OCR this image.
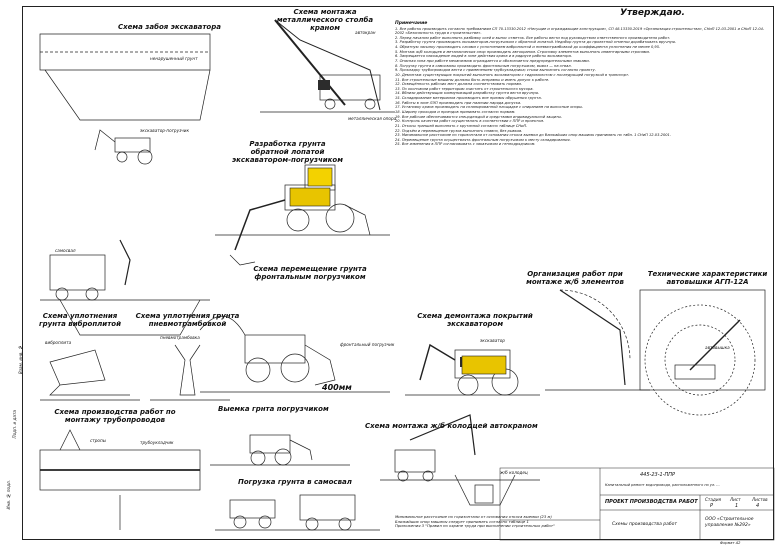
Инв. № подл.
Подп. и дата
Взам. инв. №
Утверждаю.
Схема забоя экскаватора
Схема монтажа металлического столба краном
Разработка грунта обратной лопатой экскаватором-погрузчиком
Схема перемещение грунта фронтальным погрузчиком
Схема уплотнения грунта виброплитой
Схема уплотнения грунта пневмотрамбовкой
Схема демонтажа покрытий экскаватором
Организация работ при монтаже ж/б элементов
Технические характеристики автовышки АГП-12А
Схема производства работ по монтажу трубопроводов
Выемка грнта погрузчиком
Погрузка грунта в самосвал
Схема монтажа ж/б колодцей автокраном
экскаватор-погрузчик
ненарушенный грунт
автокран
металлическая опора
самосвал
фронтальный погрузчик
виброплита
пневмотрамбовка
трубоукладчик
стропы
ж/б колодец
400мм
экскаватор
автовышка

Примечание

1. Все работы производить согласно требованиям СП 70.13330.2012 «Несущие и ограждающие конструкции», СП 48.13330.2019 «Организация строительства», СНиП 12-03-2001 и СНиП 12-04-2002 «Безопасность труда в строительстве».

2. Перед началом работ выполнить разбивку осей и вынос отметок. Все работы вести под руководством ответственного производителя работ.

3. Разработку грунта производить экскаватором-погрузчиком с обратной лопатой. Недобор грунта до проектной отметки дорабатывать вручную.

4. Обратную засыпку производить слоями с уплотнением виброплитой и пневмотрамбовкой до коэффициента уплотнения не менее 0,95.

5. Монтаж ж/б колодцев и металлических опор производить автокраном. Строповку элементов выполнять инвентарными стропами.

6. Запрещается нахождение людей в зоне действия крана и в радиусе работы экскаватора.

7. Опасная зона при работе механизмов ограждается и обозначается предупредительными знаками.

8. Погрузку грунта в самосвалы производить фронтальным погрузчиком, вывоз — на отвал.

9. Прокладку трубопроводов вести с применением трубоукладчика; стыки выполнять согласно проекту.

10. Демонтаж существующих покрытий выполнять экскаватором с гидромолотом с последующей погрузкой в транспорт.

11. Все строительные машины должны быть исправны и иметь допуск к работе.

12. Освещённость рабочих мест должна соответствовать нормам.

13. По окончании работ территорию очистить от строительного мусора.

14. Вблизи действующих коммуникаций разработку грунта вести вручную.

15. Складирование материалов производить вне призмы обрушения грунта.

16. Работы в зоне ЛЭП производить при наличии наряда-допуска.

17. Установку крана производить на спланированной площадке с опиранием на выносные опоры.

18. Ширину проходов и проездов принимать согласно нормам.

19. Все рабочие обеспечиваются спецодеждой и средствами индивидуальной защиты.

20. Контроль качества работ осуществлять в соответствии с ППР и проектом.

21. Откосы траншей выполнять с крутизной согласно таблице СНиП.

22. Подъём и перемещение грузов выполнять плавно, без рывков.

23. Минимальное расстояние по горизонтали от основания откоса выемки до ближайших опор машины принимать по табл. 1 СНиП 12-03-2001.

24. Перемещение грунта осуществлять фронтальным погрузчиком к месту складирования.

25. Все изменения в ППР согласовывать с заказчиком и генподрядчиком.

Минимальное расстояние по горизонтали от основания откоса выемки (23 м) Ближайших опор машины следует принимать согласно таблице 1 Приложения 3 "Правил по охране труда при выполнении строительных работ"
445-23-1-ППР
Капитальный ремонт водопровода, расположенного по ул. ...
ПРОЕКТ ПРОИЗВОДСТВА РАБОТ Стадия Лист	Листов
Р	1	4
Схемы производства работ
ООО «Строительное управление №292»
Формат А2
